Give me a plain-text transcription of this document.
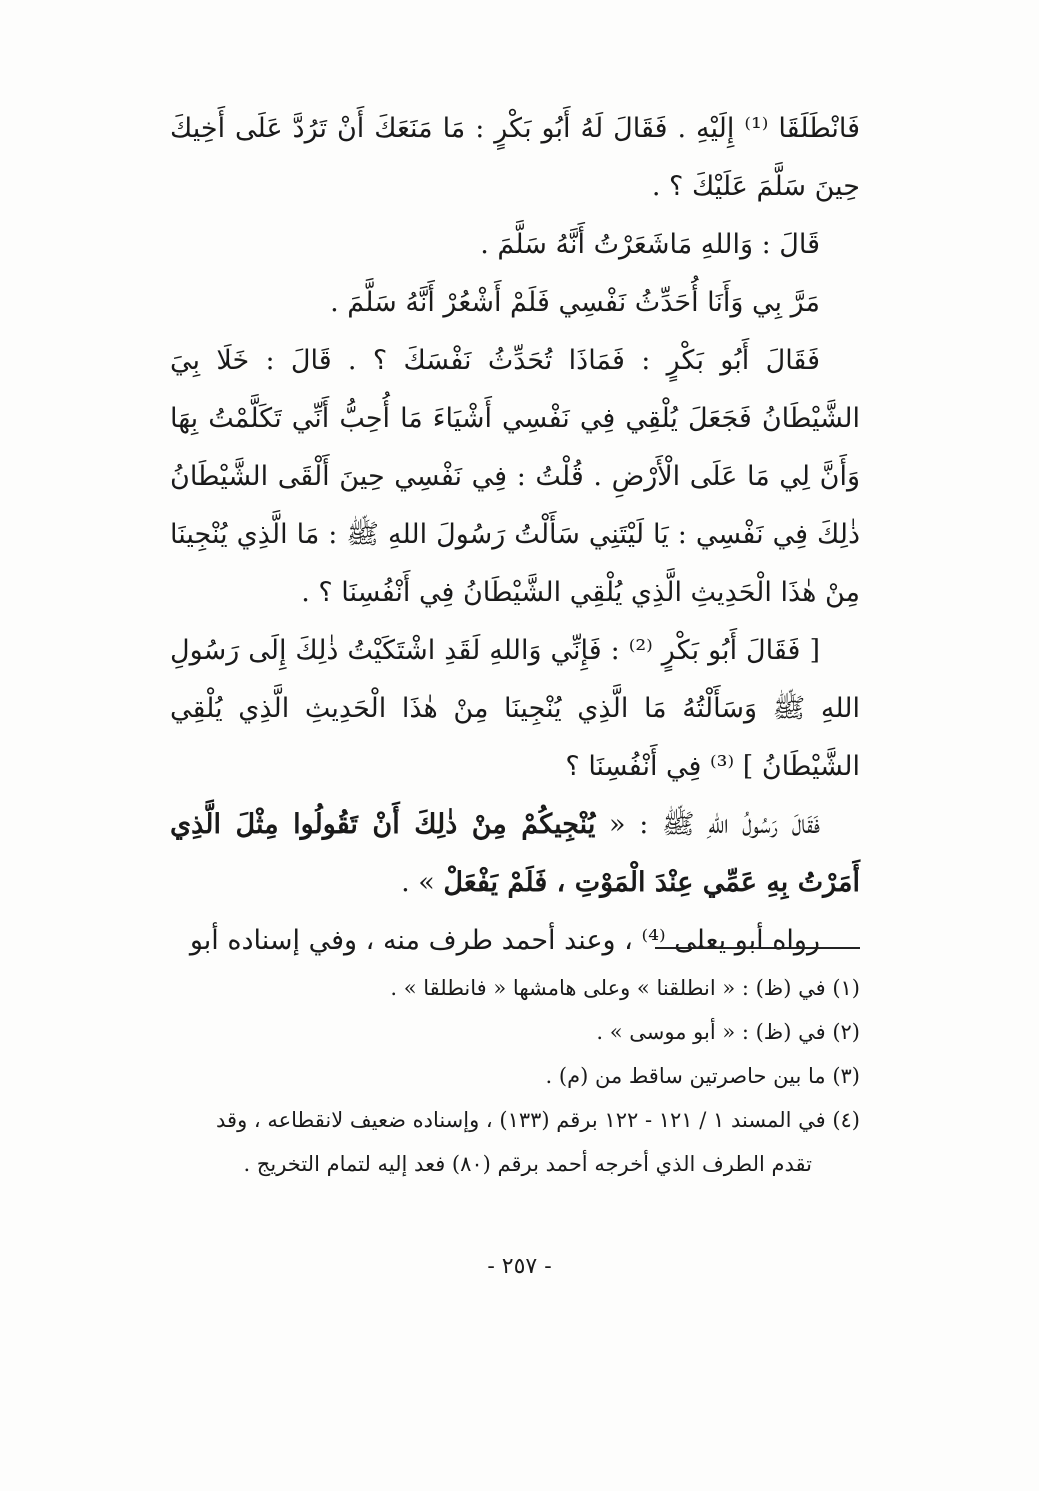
فَانْطَلَقَا ⁽¹⁾ إِلَيْهِ . فَقَالَ لَهُ أَبُو بَكْرٍ : مَا مَنَعَكَ أَنْ تَرُدَّ عَلَى أَخِيكَ حِينَ سَلَّمَ عَلَيْكَ ؟ .

قَالَ : وَاللهِ مَاشَعَرْتُ أَنَّهُ سَلَّمَ .

مَرَّ بِي وَأَنَا أُحَدِّثُ نَفْسِي فَلَمْ أَشْعُرْ أَنَّهُ سَلَّمَ .

فَقَالَ أَبُو بَكْرٍ : فَمَاذَا تُحَدِّثُ نَفْسَكَ ؟ . قَالَ : خَلَا بِيَ الشَّيْطَانُ فَجَعَلَ يُلْقِي فِي نَفْسِي أَشْيَاءَ مَا أُحِبُّ أَنِّي تَكَلَّمْتُ بِهَا وَأَنَّ لِي مَا عَلَى الْأَرْضِ . قُلْتُ : فِي نَفْسِي حِينَ أَلْقَى الشَّيْطَانُ ذٰلِكَ فِي نَفْسِي : يَا لَيْتَنِي سَأَلْتُ رَسُولَ اللهِ ﷺ : مَا الَّذِي يُنْجِينَا مِنْ هٰذَا الْحَدِيثِ الَّذِي يُلْقِي الشَّيْطَانُ فِي أَنْفُسِنَا ؟ .

[ فَقَالَ أَبُو بَكْرٍ ⁽²⁾ : فَإِنِّي وَاللهِ لَقَدِ اشْتَكَيْتُ ذٰلِكَ إِلَى رَسُولِ اللهِ ﷺ وَسَأَلْتُهُ مَا الَّذِي يُنْجِينَا مِنْ هٰذَا الْحَدِيثِ الَّذِي يُلْقِي الشَّيْطَانُ ] ⁽³⁾ فِي أَنْفُسِنَا ؟

فَقَالَ رَسُولُ اللهِ ﷺ : « يُنْجِيكُمْ مِنْ ذٰلِكَ أَنْ تَقُولُوا مِثْلَ الَّذِي أَمَرْتُ بِهِ عَمِّي عِنْدَ الْمَوْتِ ، فَلَمْ يَفْعَلْ » .

رواه أبو يعلى ⁽⁴⁾ ، وعند أحمد طرف منه ، وفي إسناده أبو

(١) في (ظ) : « انطلقنا » وعلى هامشها « فانطلقا » .

(٢) في (ظ) : « أبو موسى » .

(٣) ما بين حاصرتين ساقط من (م) .

(٤) في المسند ١ / ١٢١ - ١٢٢ برقم (١٣٣) ، وإسناده ضعيف لانقطاعه ، وقد تقدم الطرف الذي أخرجه أحمد برقم (٨٠) فعد إليه لتمام التخريج .

- ٢٥٧ -
